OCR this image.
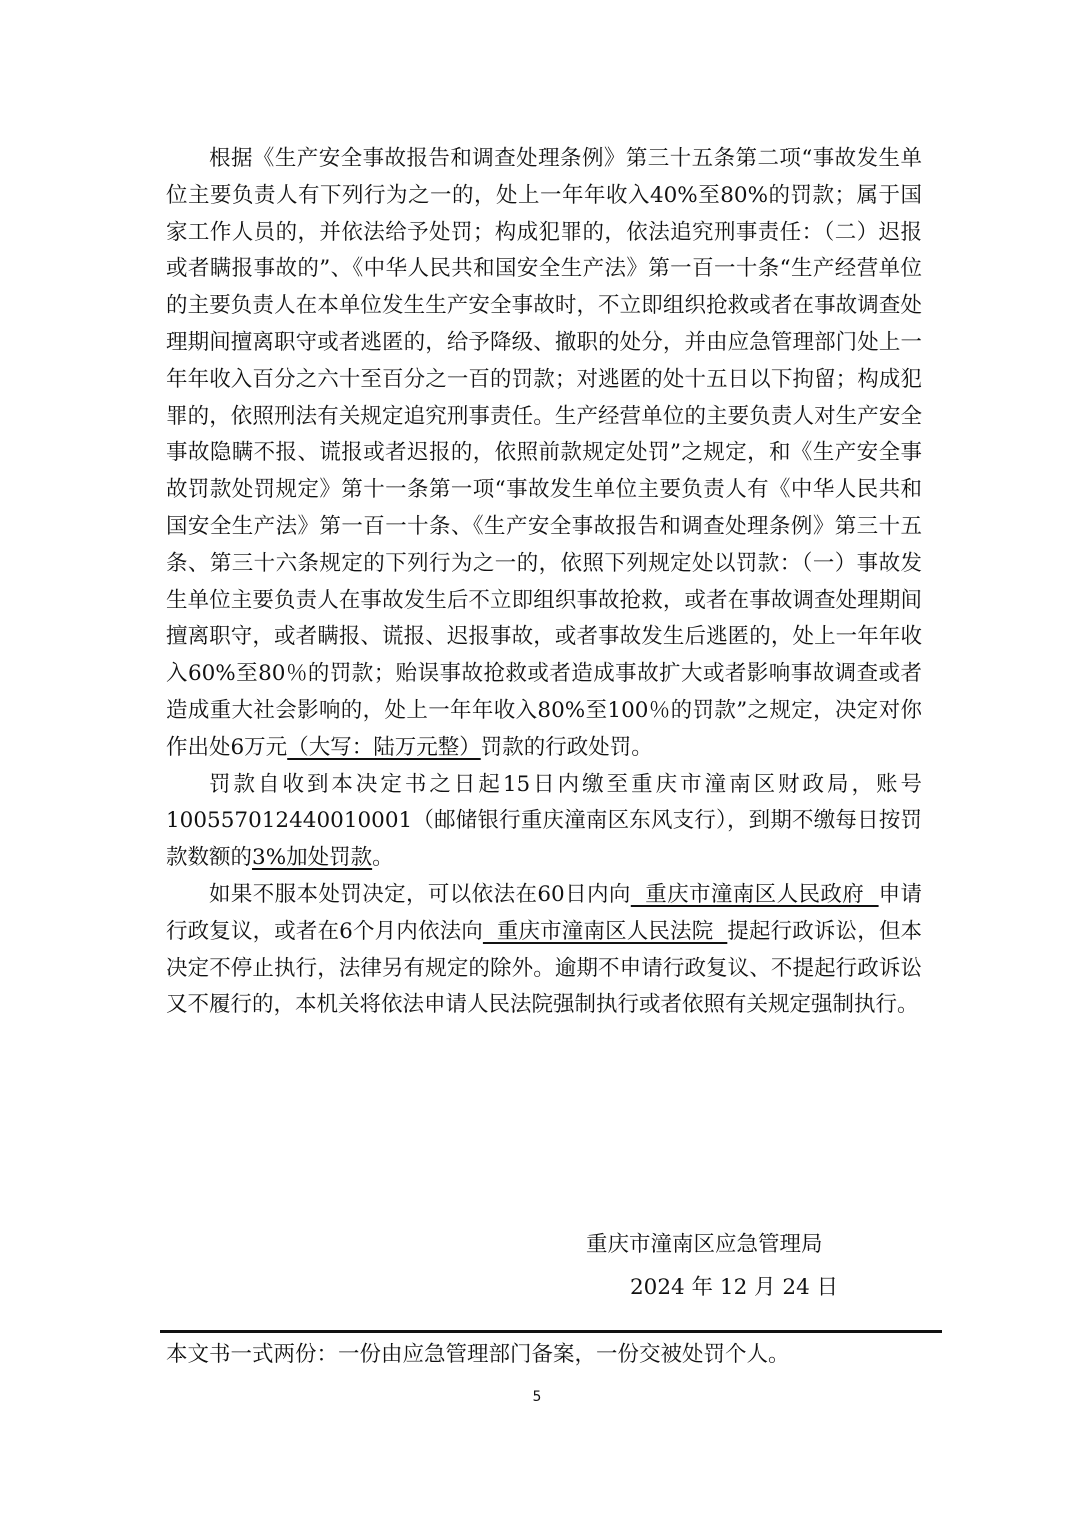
根据《生产安全事故报告和调查处理条例》第三十五条第二项“事故发生单位主要负责人有下列行为之一的，处上一年年收入40%至80%的罚款；属于国家工作人员的，并依法给予处罚；构成犯罪的，依法追究刑事责任：（二）迟报或者瞒报事故的”、《中华人民共和国安全生产法》第一百一十条“生产经营单位的主要负责人在本单位发生生产安全事故时，不立即组织抢救或者在事故调查处理期间擅离职守或者逃匿的，给予降级、撤职的处分，并由应急管理部门处上一年年收入百分之六十至百分之一百的罚款；对逃匿的处十五日以下拘留；构成犯罪的，依照刑法有关规定追究刑事责任。生产经营单位的主要负责人对生产安全事故隐瞒不报、谎报或者迟报的，依照前款规定处罚”之规定，和《生产安全事故罚款处罚规定》第十一条第一项“事故发生单位主要负责人有《中华人民共和国安全生产法》第一百一十条、《生产安全事故报告和调查处理条例》第三十五条、第三十六条规定的下列行为之一的，依照下列规定处以罚款：（一）事故发生单位主要负责人在事故发生后不立即组织事故抢救，或者在事故调查处理期间擅离职守，或者瞒报、谎报、迟报事故，或者事故发生后逃匿的，处上一年年收入60%至80％的罚款；贻误事故抢救或者造成事故扩大或者影响事故调查或者造成重大社会影响的，处上一年年收入80%至100％的罚款”之规定，决定对你作出处6万元（大写：陆万元整）罚款的行政处罚。

罚款自收到本决定书之日起15日内缴至重庆市潼南区财政局，账号100557012440010001（邮储银行重庆潼南区东风支行），到期不缴每日按罚款数额的3%加处罚款。

如果不服本处罚决定，可以依法在60日内向  重庆市潼南区人民政府  申请行政复议，或者在6个月内依法向  重庆市潼南区人民法院  提起行政诉讼，但本决定不停止执行，法律另有规定的除外。逾期不申请行政复议、不提起行政诉讼又不履行的，本机关将依法申请人民法院强制执行或者依照有关规定强制执行。

重庆市潼南区应急管理局
2024 年 12 月 24 日
本文书一式两份：一份由应急管理部门备案，一份交被处罚个人。
5
